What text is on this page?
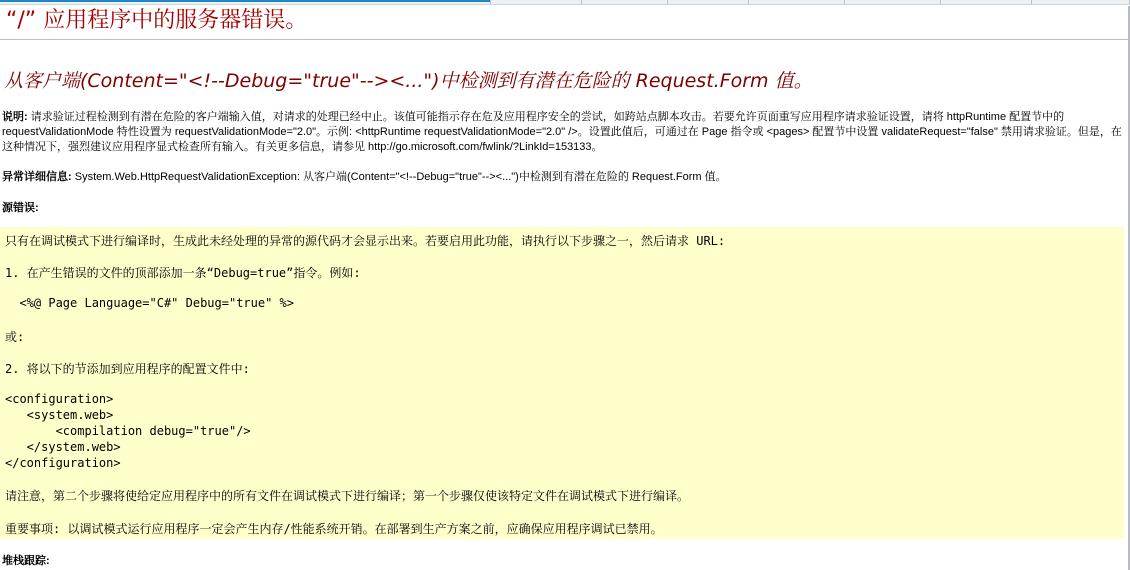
“/” 应用程序中的服务器错误。
从客户端(Content="<!--Debug="true"--><...")中检测到有潜在危险的 Request.Form 值。
说明: 请求验证过程检测到有潜在危险的客户端输入值，对请求的处理已经中止。该值可能指示存在危及应用程序安全的尝试，如跨站点脚本攻击。若要允许页面重写应用程序请求验证设置，请将 httpRuntime 配置节中的 requestValidationMode 特性设置为 requestValidationMode="2.0"。示例: <httpRuntime requestValidationMode="2.0" />。设置此值后，可通过在 Page 指令或 <pages> 配置节中设置 validateRequest="false" 禁用请求验证。但是，在这种情况下，强烈建议应用程序显式检查所有输入。有关更多信息，请参见 http://go.microsoft.com/fwlink/?LinkId=153133。
异常详细信息: System.Web.HttpRequestValidationException: 从客户端(Content="<!--Debug="true"--><...")中检测到有潜在危险的 Request.Form 值。
源错误:
只有在调试模式下进行编译时，生成此未经处理的异常的源代码才会显示出来。若要启用此功能，请执行以下步骤之一，然后请求 URL:
1. 在产生错误的文件的顶部添加一条“Debug=true”指令。例如:
<%@ Page Language="C#" Debug="true" %>
或:
2. 将以下的节添加到应用程序的配置文件中:
<configuration>
<system.web>
<compilation debug="true"/>
</system.web>
</configuration>
请注意，第二个步骤将使给定应用程序中的所有文件在调试模式下进行编译；第一个步骤仅使该特定文件在调试模式下进行编译。
重要事项: 以调试模式运行应用程序一定会产生内存/性能系统开销。在部署到生产方案之前，应确保应用程序调试已禁用。
堆栈跟踪:
